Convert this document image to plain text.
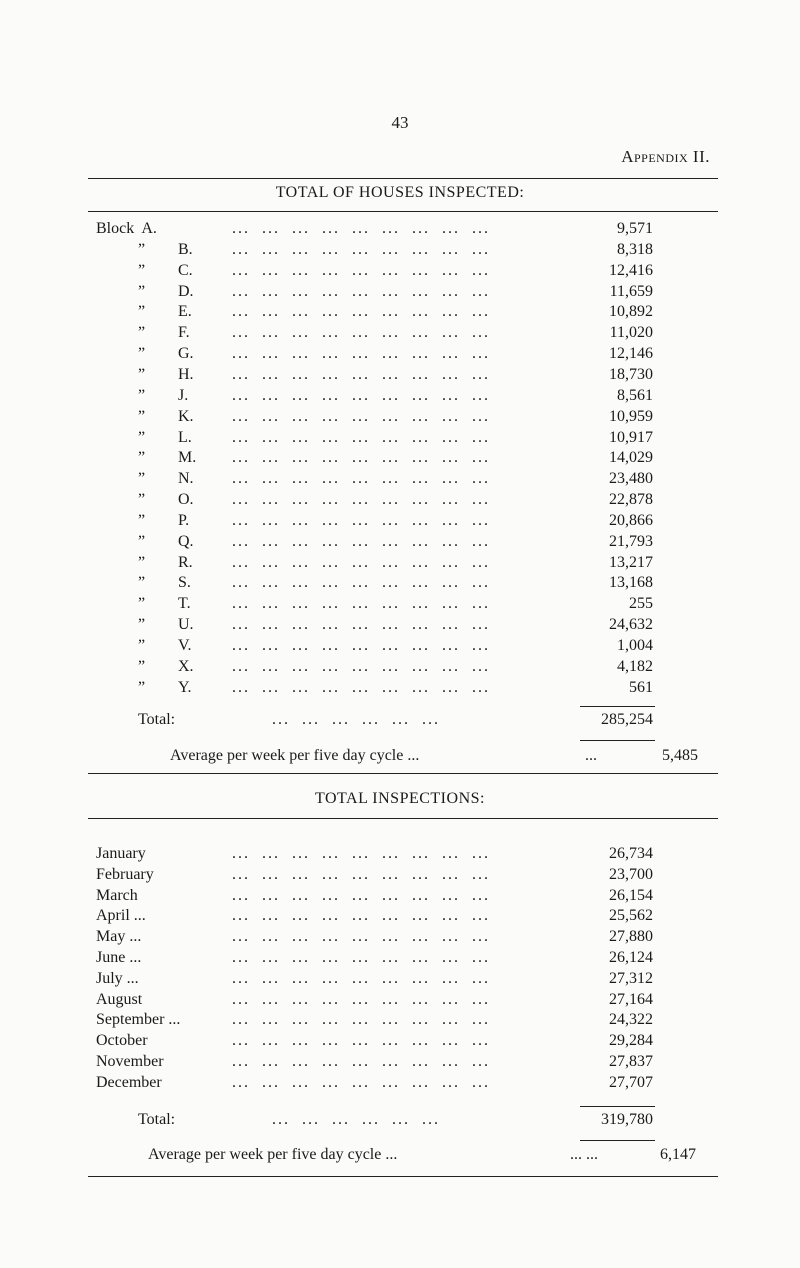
43
Appendix II.
TOTAL OF HOUSES INSPECTED:
Block  A.	...  ...  ...  ...  ...  ...  ...  ...  ...	9,571
” B. ...  ...  ...  ...  ...  ...  ...  ...  ...	8,318
” C. ...  ...  ...  ...  ...  ...  ...  ...  ...	12,416
” D. ...  ...  ...  ...  ...  ...  ...  ...  ...	11,659
” E.	...  ...  ...  ...  ...  ...  ...  ...  ...	10,892
” F.	...  ...  ...  ...  ...  ...  ...  ...  ...	11,020
” G. ...  ...  ...  ...  ...  ...  ...  ...  ...	12,146
” H. ...  ...  ...  ...  ...  ...  ...  ...  ...	18,730
” J.	...  ...  ...  ...  ...  ...  ...  ...  ...	8,561
” K. ...  ...  ...  ...  ...  ...  ...  ...  ...	10,959
” L.	...  ...  ...  ...  ...  ...  ...  ...  ...	10,917
” M. ...  ...  ...  ...  ...  ...  ...  ...  ...	14,029
” N. ...  ...  ...  ...  ...  ...  ...  ...  ...	23,480
” O. ...  ...  ...  ...  ...  ...  ...  ...  ...	22,878
” P.	...  ...  ...  ...  ...  ...  ...  ...  ...	20,866
” Q. ...  ...  ...  ...  ...  ...  ...  ...  ...	21,793
” R. ...  ...  ...  ...  ...  ...  ...  ...  ...	13,217
” S.	...  ...  ...  ...  ...  ...  ...  ...  ...	13,168
” T.	...  ...  ...  ...  ...  ...  ...  ...  ...	255
” U. ...  ...  ...  ...  ...  ...  ...  ...  ...	24,632
” V.	...  ...  ...  ...  ...  ...  ...  ...  ...	1,004
” X. ...  ...  ...  ...  ...  ...  ...  ...  ...	4,182
” Y.	...  ...  ...  ...  ...  ...  ...  ...  ...	561
Total:	...  ...  ...  ...  ...  ...	285,254
Average per week per five day cycle ...	...	5,485
TOTAL INSPECTIONS:
January	...  ...  ...  ...  ...  ...  ...  ...  ...	26,734
February	...  ...  ...  ...  ...  ...  ...  ...  ...	23,700
March	...  ...  ...  ...  ...  ...  ...  ...  ...	26,154
April ...	...  ...  ...  ...  ...  ...  ...  ...  ...	25,562
May ...	...  ...  ...  ...  ...  ...  ...  ...  ...	27,880
June ...	...  ...  ...  ...  ...  ...  ...  ...  ...	26,124
July ...	...  ...  ...  ...  ...  ...  ...  ...  ...	27,312
August	...  ...  ...  ...  ...  ...  ...  ...  ...	27,164
September ...	...  ...  ...  ...  ...  ...  ...  ...  ...	24,322
October	...  ...  ...  ...  ...  ...  ...  ...  ...	29,284
November	...  ...  ...  ...  ...  ...  ...  ...  ...	27,837
December	...  ...  ...  ...  ...  ...  ...  ...  ...	27,707
Total:	...  ...  ...  ...  ...  ...	319,780
Average per week per five day cycle ...	... ...	6,147
